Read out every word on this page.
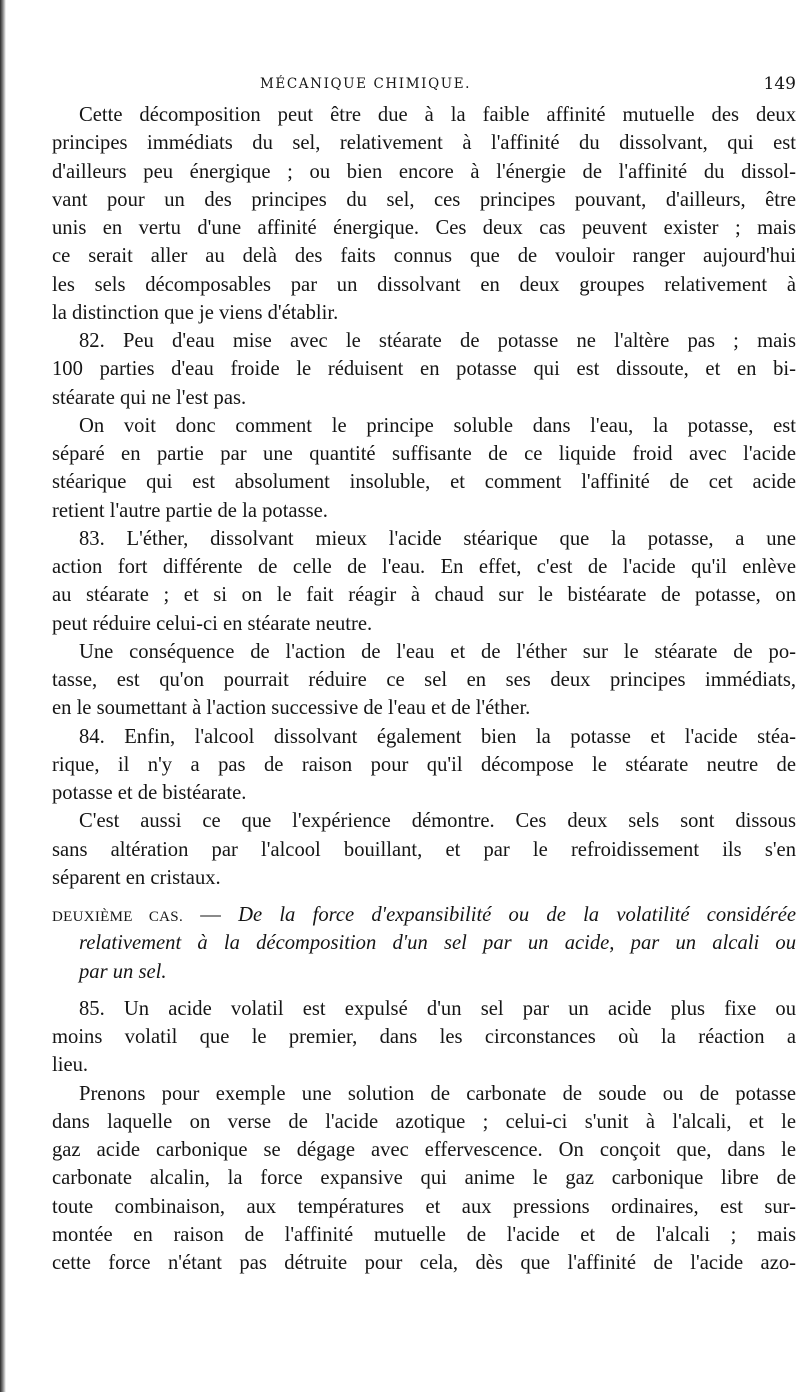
MÉCANIQUE CHIMIQUE.	149
Cette décomposition peut être due à la faible affinité mutuelle des deux
principes immédiats du sel, relativement à l'affinité du dissolvant, qui est
d'ailleurs peu énergique ; ou bien encore à l'énergie de l'affinité du dissol-
vant pour un des principes du sel, ces principes pouvant, d'ailleurs, être
unis en vertu d'une affinité énergique. Ces deux cas peuvent exister ; mais
ce serait aller au delà des faits connus que de vouloir ranger aujourd'hui
les sels décomposables par un dissolvant en deux groupes relativement à
la distinction que je viens d'établir.
82. Peu d'eau mise avec le stéarate de potasse ne l'altère pas ; mais
100 parties d'eau froide le réduisent en potasse qui est dissoute, et en bi-
stéarate qui ne l'est pas.
On voit donc comment le principe soluble dans l'eau, la potasse, est
séparé en partie par une quantité suffisante de ce liquide froid avec l'acide
stéarique qui est absolument insoluble, et comment l'affinité de cet acide
retient l'autre partie de la potasse.
83. L'éther, dissolvant mieux l'acide stéarique que la potasse, a une
action fort différente de celle de l'eau. En effet, c'est de l'acide qu'il enlève
au stéarate ; et si on le fait réagir à chaud sur le bistéarate de potasse, on
peut réduire celui-ci en stéarate neutre.
Une conséquence de l'action de l'eau et de l'éther sur le stéarate de po-
tasse, est qu'on pourrait réduire ce sel en ses deux principes immédiats,
en le soumettant à l'action successive de l'eau et de l'éther.
84. Enfin, l'alcool dissolvant également bien la potasse et l'acide stéa-
rique, il n'y a pas de raison pour qu'il décompose le stéarate neutre de
potasse et de bistéarate.
C'est aussi ce que l'expérience démontre. Ces deux sels sont dissous
sans altération par l'alcool bouillant, et par le refroidissement ils s'en
séparent en cristaux.
DEUXIÈME CAS. — De la force d'expansibilité ou de la volatilité considérée
relativement à la décomposition d'un sel par un acide, par un alcali ou
par un sel.
85. Un acide volatil est expulsé d'un sel par un acide plus fixe ou
moins volatil que le premier, dans les circonstances où la réaction a
lieu.
Prenons pour exemple une solution de carbonate de soude ou de potasse
dans laquelle on verse de l'acide azotique ; celui-ci s'unit à l'alcali, et le
gaz acide carbonique se dégage avec effervescence. On conçoit que, dans le
carbonate alcalin, la force expansive qui anime le gaz carbonique libre de
toute combinaison, aux températures et aux pressions ordinaires, est sur-
montée en raison de l'affinité mutuelle de l'acide et de l'alcali ; mais
cette force n'étant pas détruite pour cela, dès que l'affinité de l'acide azo-
